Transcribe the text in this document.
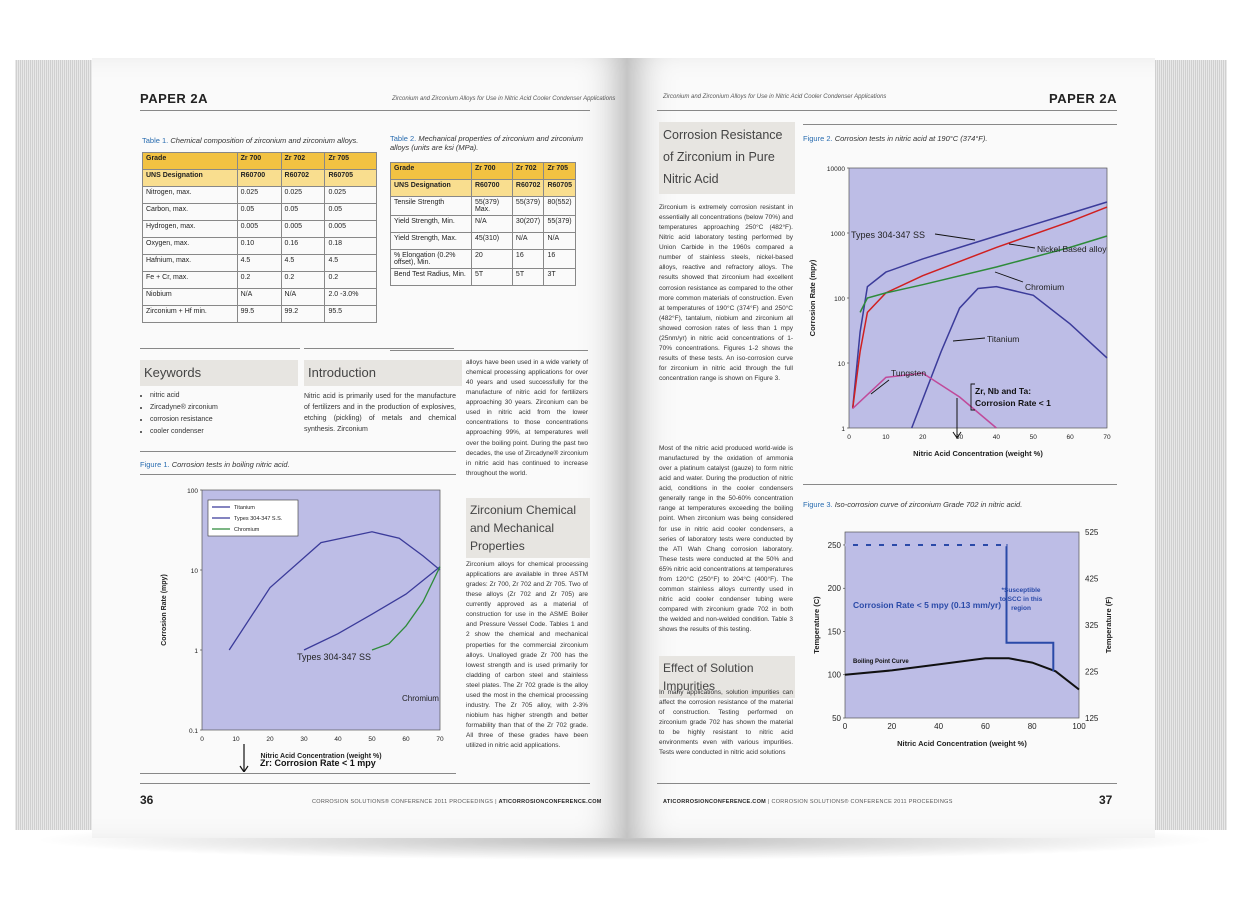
PAPER 2A	Zirconium and Zirconium Alloys for Use in Nitric Acid Cooler Condenser Applications
Table 1. Chemical composition of zirconium and zirconium alloys.
Grade	Zr 700	Zr 702	Zr 705
UNS Designation	R60700	R60702	R60705
Nitrogen, max.	0.025	0.025	0.025
Carbon, max.	0.05	0.05	0.05
Hydrogen, max.	0.005	0.005	0.005
Oxygen, max.	0.10	0.16	0.18
Hafnium, max.	4.5	4.5	4.5
Fe + Cr, max.	0.2	0.2	0.2
Niobium	N/A	N/A	2.0 -3.0%
Zirconium + Hf min.	99.5	99.2	95.5
Table 2. Mechanical properties of zirconium and zirconium alloys (units are ksi (MPa).
Grade	Zr 700	Zr 702	Zr 705
UNS Designation	R60700	R60702	R60705
Tensile Strength	55(379) Max.	55(379)	80(552)
Yield Strength, Min.	N/A	30(207)	55(379)
Yield Strength, Max.	45(310)	N/A	N/A
% Elongation (0.2% offset), Min.	20	16	16
Bend Test Radius, Min.	5T	5T	3T
Keywords
• nitric acid
• Zircadyne® zirconium
• corrosion resistance
• cooler condenser
Introduction
Nitric acid is primarily used for the manufacture of fertilizers and in the production of explosives, etching (pickling) of metals and chemical synthesis. Zirconium
alloys have been used in a wide variety of chemical processing applications for over 40 years and used successfully for the manufacture of nitric acid for fertilizers approaching 30 years. Zirconium can be used in nitric acid from the lower concentrations to those concentrations approaching 99%, at temperatures well over the boiling point. During the past two decades, the use of Zircadyne® zirconium in nitric acid has continued to increase throughout the world.
Figure 1. Corrosion tests in boiling nitric acid.
0	10	20	30	40	50	60	70
100
10
1
0.1
Nitric Acid Concentration (weight %)
Corrosion Rate (mpy)
Titanium
Types 304-347 S.S.
Chromium
Types 304-347 SS
Chromium
Zr: Corrosion Rate < 1 mpy
Zirconium Chemical and Mechanical Properties
Zirconium alloys for chemical processing applications are available in three ASTM grades: Zr 700, Zr 702 and Zr 705. Two of these alloys (Zr 702 and Zr 705) are currently approved as a material of construction for use in the ASME Boiler and Pressure Vessel Code. Tables 1 and 2 show the chemical and mechanical properties for the commercial zirconium alloys. Unalloyed grade Zr 700 has the lowest strength and is used primarily for cladding of carbon steel and stainless steel plates. The Zr 702 grade is the alloy used the most in the chemical processing industry. The Zr 705 alloy, with 2-3% niobium has higher strength and better formability than that of the Zr 702 grade. All three of these grades have been utilized in nitric acid applications.
36	CORROSION SOLUTIONS® CONFERENCE 2011 PROCEEDINGS | ATICORROSIONCONFERENCE.COM
Zirconium and Zirconium Alloys for Use in Nitric Acid Cooler Condenser Applications	PAPER 2A
Corrosion Resistance of Zirconium in Pure Nitric Acid
Zirconium is extremely corrosion resistant in essentially all concentrations (below 70%) and temperatures approaching 250°C (482°F). Nitric acid laboratory testing performed by Union Carbide in the 1960s compared a number of stainless steels, nickel-based alloys, reactive and refractory alloys. The results showed that zirconium had excellent corrosion resistance as compared to the other more common materials of construction. Even at temperatures of 190°C (374°F) and 250°C (482°F), tantalum, niobium and zirconium all showed corrosion rates of less than 1 mpy (25nm/yr) in nitric acid concentrations of 1-70% concentrations. Figures 1-2 shows the results of these tests. An iso-corrosion curve for zirconium in nitric acid through the full concentration range is shown on Figure 3.
Most of the nitric acid produced world-wide is manufactured by the oxidation of ammonia over a platinum catalyst (gauze) to form nitric acid and water. During the production of nitric acid, conditions in the cooler condensers generally range in the 50-60% concentration range at temperatures exceeding the boiling point. When zirconium was being considered for use in nitric acid cooler condensers, a series of laboratory tests were conducted by the ATI Wah Chang corrosion laboratory. These tests were conducted at the 50% and 65% nitric acid concentrations at temperatures from 120°C (250°F) to 204°C (400°F). The common stainless alloys currently used in nitric acid cooler condenser tubing were compared with zirconium grade 702 in both the welded and non-welded condition. Table 3 shows the results of this testing.
Effect of Solution Impurities
In many applications, solution impurities can affect the corrosion resistance of the material of construction. Testing performed on zirconium grade 702 has shown the material to be highly resistant to nitric acid environments even with various impurities. Tests were conducted in nitric acid solutions
Figure 2. Corrosion tests in nitric acid at 190°C (374°F).
0	10	20	30	40	50	60	70
10000
1000
100
10
1
Nitric Acid Concentration (weight %)
Corrosion Rate (mpy)
Types 304-347 SS
Nickel Based alloy
Chromium
Titanium
Tungsten
Zr, Nb and Ta:
Corrosion Rate < 1
Figure 3. Iso-corrosion curve of zirconium Grade 702 in nitric acid.
0	20	40	60	80	100
250
200
150
100
50
Nitric Acid Concentration (weight %)
Temperature (C)
525
425
325
225
125
Temperature (F)
Corrosion Rate < 5 mpy (0.13 mm/yr)
*Susceptible
to SCC in this
region
Boiling Point Curve
ATICORROSIONCONFERENCE.COM | CORROSION SOLUTIONS® CONFERENCE 2011 PROCEEDINGS	37
